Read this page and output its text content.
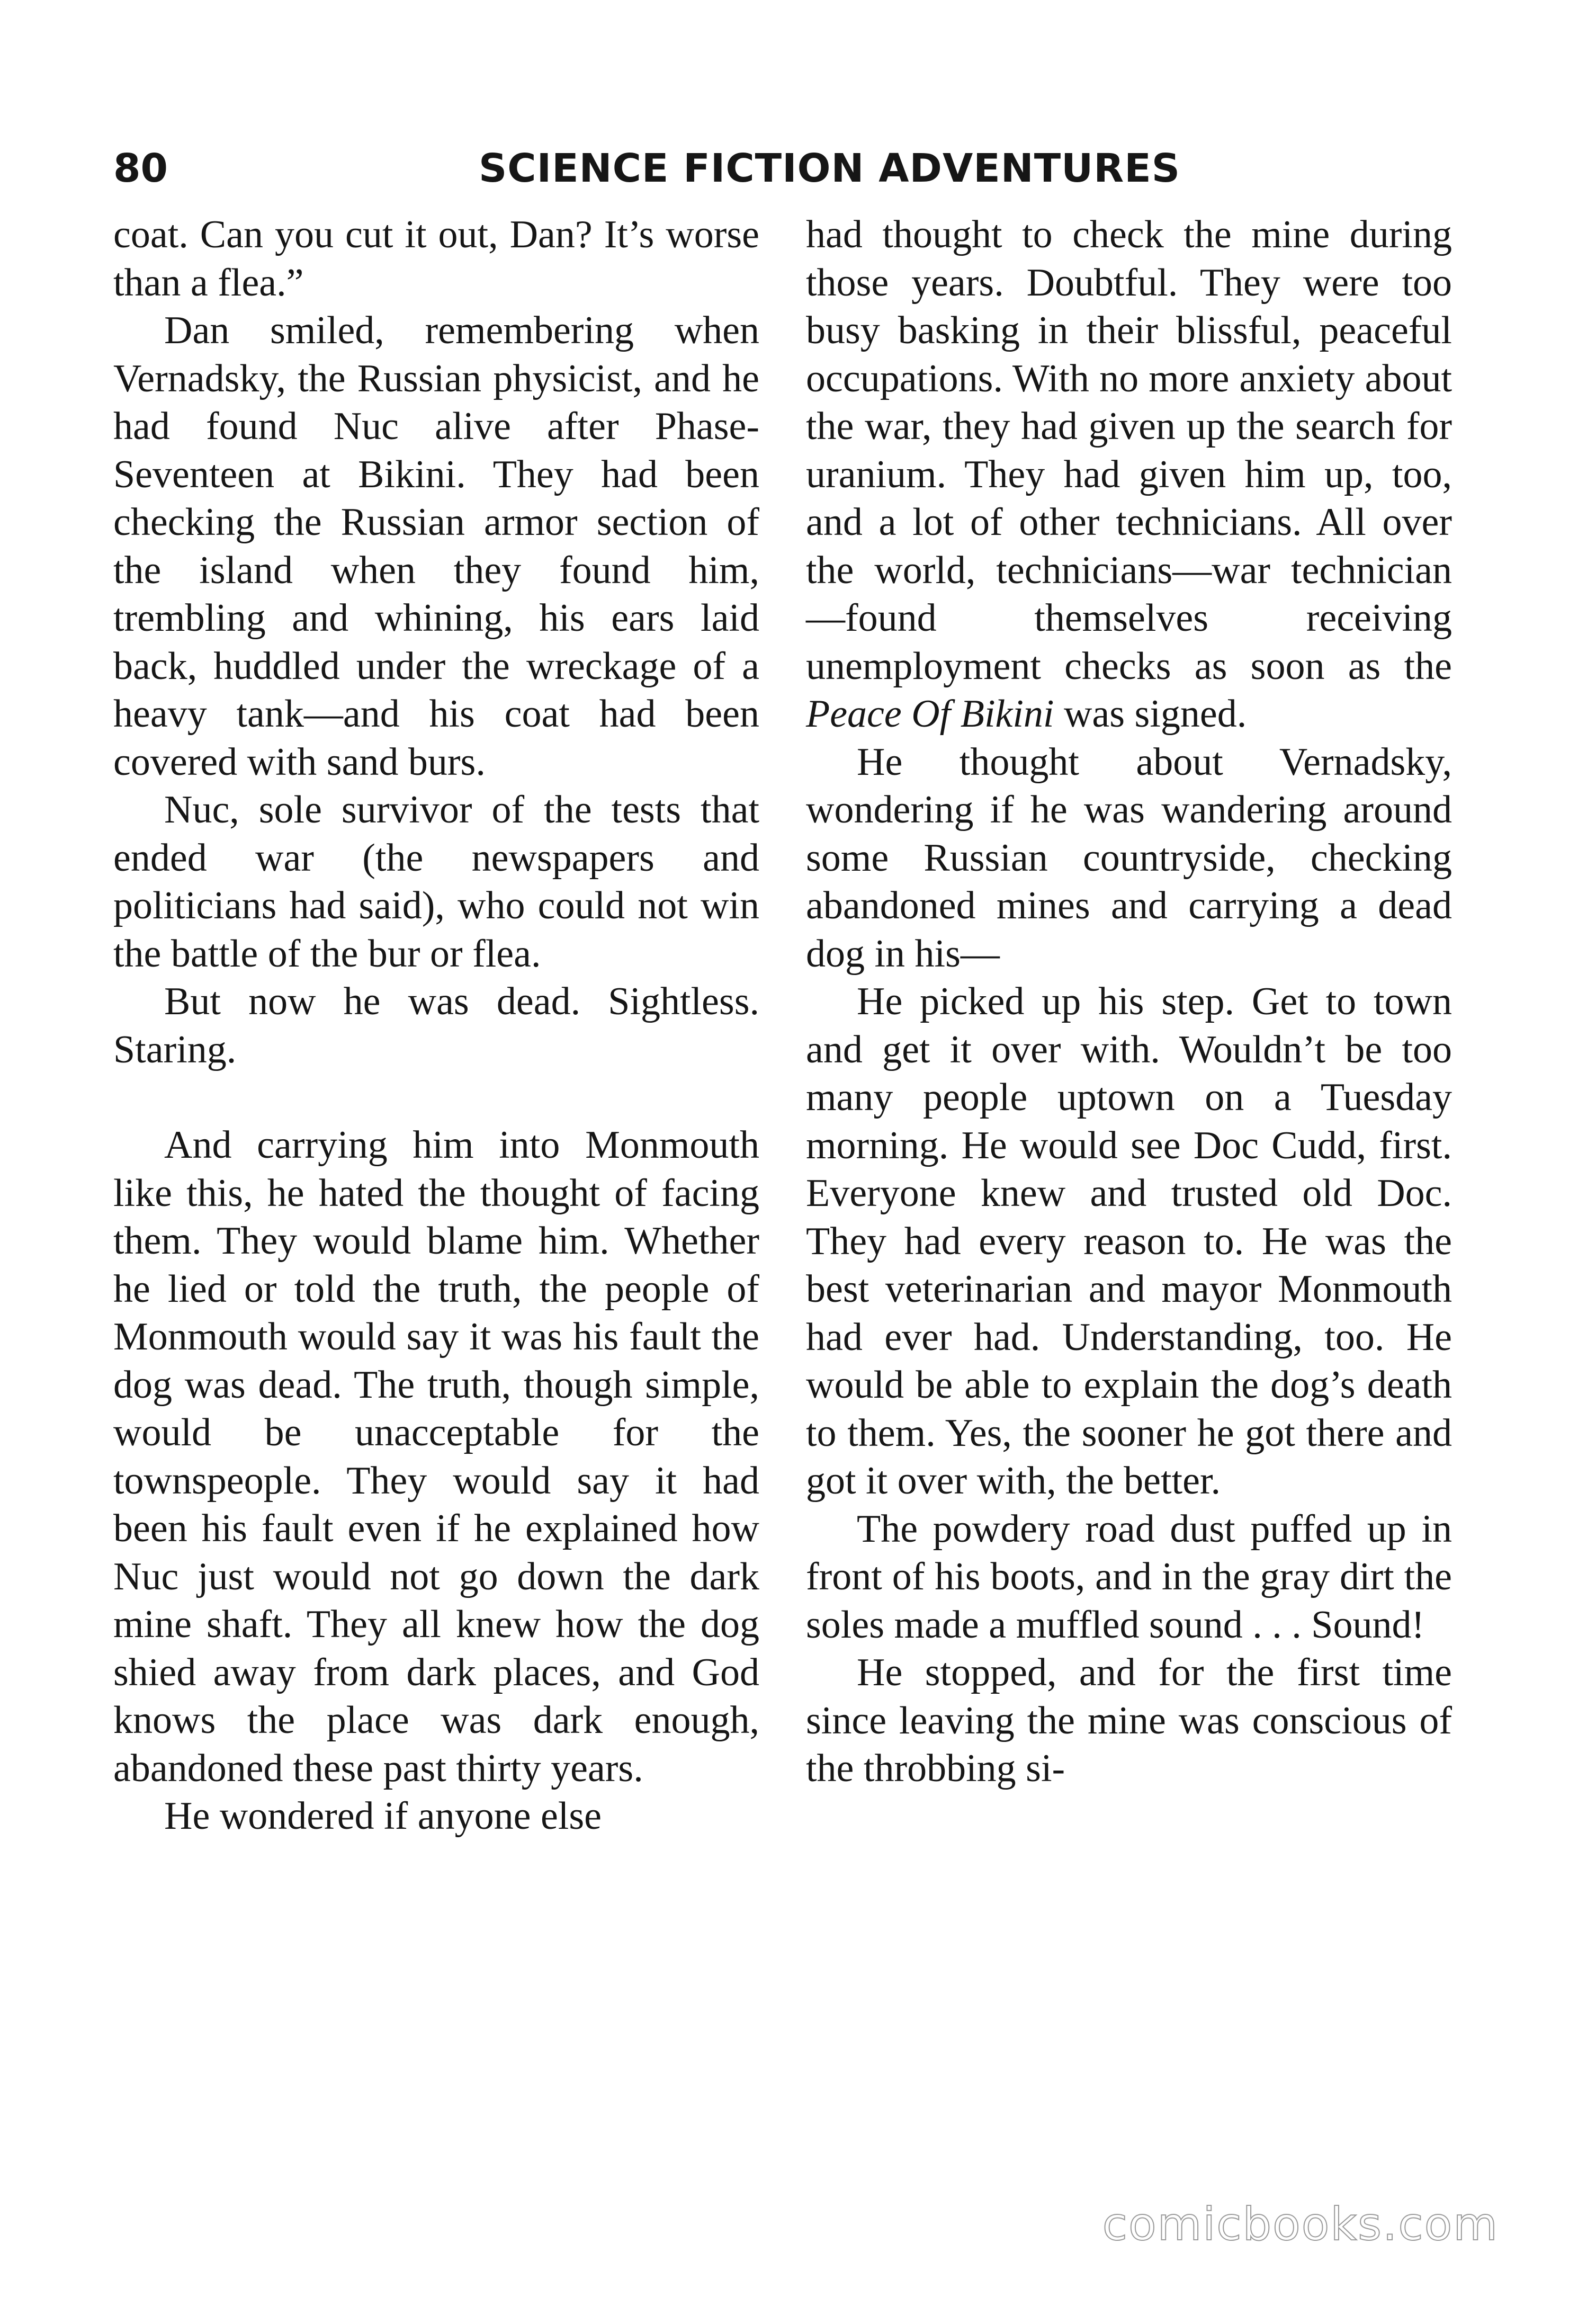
80	SCIENCE FICTION ADVENTURES

coat. Can you cut it out, Dan? It’s worse than a flea.”

Dan smiled, remembering when Vernadsky, the Russian physicist, and he had found Nuc alive after Phase-Seventeen at Bikini. They had been checking the Russian armor section of the island when they found him, trembling and whining, his ears laid back, huddled under the wreckage of a heavy tank—and his coat had been covered with sand burs.

Nuc, sole survivor of the tests that ended war (the newspapers and politicians had said), who could not win the battle of the bur or flea.

But now he was dead. Sightless. Staring.

And carrying him into Monmouth like this, he hated the thought of facing them. They would blame him. Whether he lied or told the truth, the people of Monmouth would say it was his fault the dog was dead. The truth, though simple, would be unacceptable for the townspeople. They would say it had been his fault even if he explained how Nuc just would not go down the dark mine shaft. They all knew how the dog shied away from dark places, and God knows the place was dark enough, abandoned these past thirty years.

He wondered if anyone else

had thought to check the mine during those years. Doubtful. They were too busy basking in their blissful, peaceful occupations. With no more anxiety about the war, they had given up the search for uranium. They had given him up, too, and a lot of other technicians. All over the world, technicians—war technician—found themselves receiving unemployment checks as soon as the Peace Of Bikini was signed.

He thought about Vernadsky, wondering if he was wandering around some Russian countryside, checking abandoned mines and carrying a dead dog in his—

He picked up his step. Get to town and get it over with. Wouldn’t be too many people uptown on a Tuesday morning. He would see Doc Cudd, first. Everyone knew and trusted old Doc. They had every reason to. He was the best veterinarian and mayor Monmouth had ever had. Understanding, too. He would be able to explain the dog’s death to them. Yes, the sooner he got there and got it over with, the better.

The powdery road dust puffed up in front of his boots, and in the gray dirt the soles made a muffled sound . . . Sound!

He stopped, and for the first time since leaving the mine was conscious of the throbbing si-

comicbooks.com
